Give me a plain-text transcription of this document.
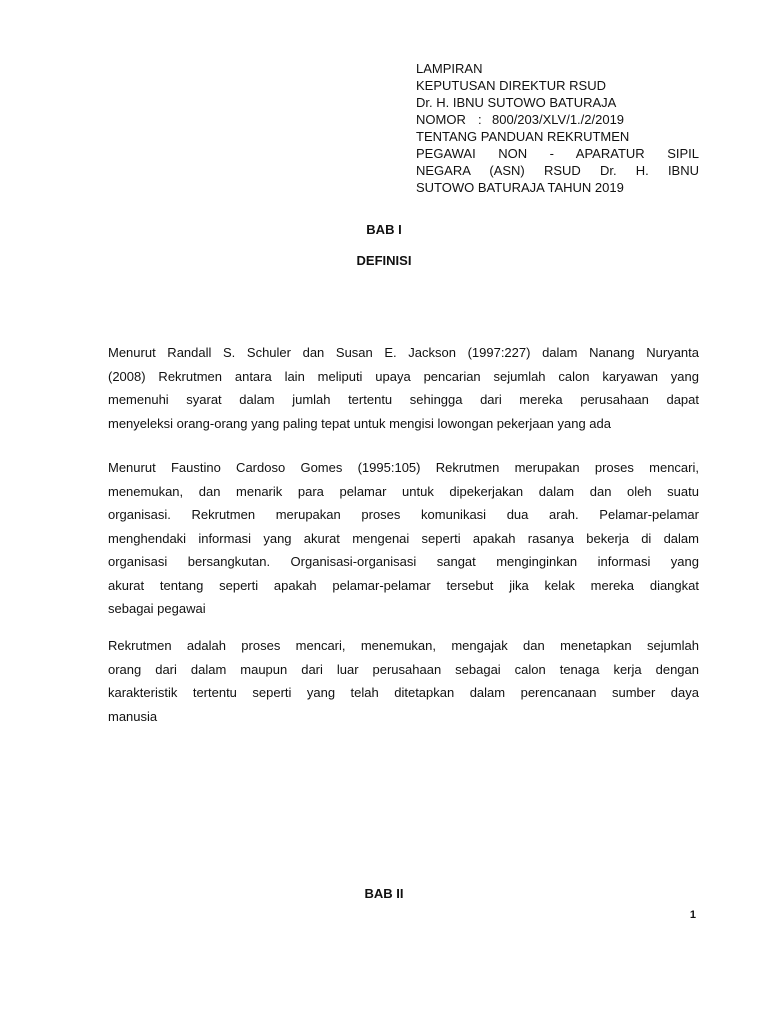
LAMPIRAN
KEPUTUSAN DIREKTUR RSUD
Dr. H. IBNU SUTOWO BATURAJA
NOMOR : 800/203/XLV/1./2/2019
TENTANG PANDUAN REKRUTMEN
PEGAWAI NON - APARATUR SIPIL
NEGARA (ASN) RSUD Dr. H. IBNU
SUTOWO BATURAJA TAHUN 2019
BAB I
DEFINISI
Menurut Randall S. Schuler dan Susan E. Jackson (1997:227) dalam Nanang Nuryanta
(2008) Rekrutmen antara lain meliputi upaya pencarian sejumlah calon karyawan yang
memenuhi syarat dalam jumlah tertentu sehingga dari mereka perusahaan dapat
menyeleksi orang-orang yang paling tepat untuk mengisi lowongan pekerjaan yang ada
Menurut Faustino Cardoso Gomes (1995:105) Rekrutmen merupakan proses mencari,
menemukan, dan menarik para pelamar untuk dipekerjakan dalam dan oleh suatu
organisasi. Rekrutmen merupakan proses komunikasi dua arah. Pelamar-pelamar
menghendaki informasi yang akurat mengenai seperti apakah rasanya bekerja di dalam
organisasi bersangkutan. Organisasi-organisasi sangat menginginkan informasi yang
akurat tentang seperti apakah pelamar-pelamar tersebut jika kelak mereka diangkat
sebagai pegawai
Rekrutmen adalah proses mencari, menemukan, mengajak dan menetapkan sejumlah
orang dari dalam maupun dari luar perusahaan sebagai calon tenaga kerja dengan
karakteristik tertentu seperti yang telah ditetapkan dalam perencanaan sumber daya
manusia
BAB II
1
